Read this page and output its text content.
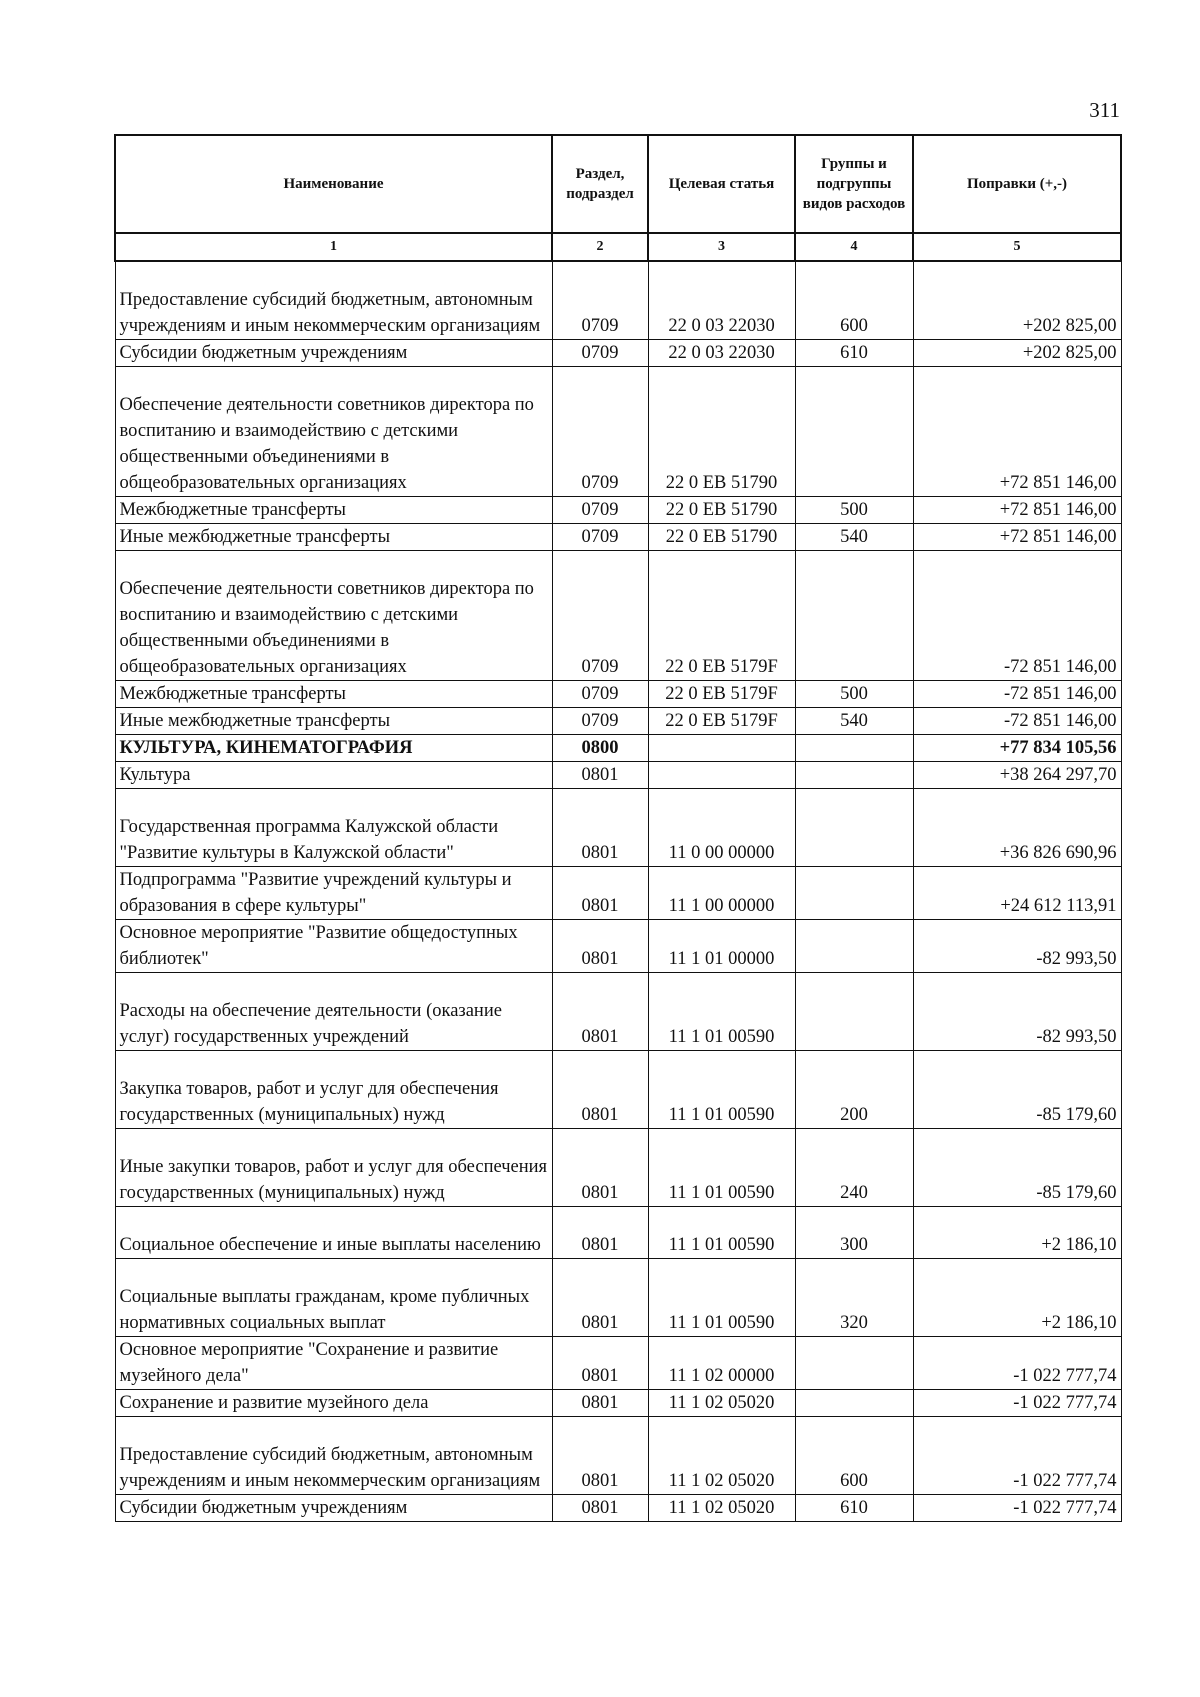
311
Наименование	Раздел, подраздел	Целевая статья	Группы и подгруппы видов расходов	Поправки (+,-)
1	2	3	4	5
Предоставление субсидий бюджетным, автономным учреждениям и иным некоммерческим организациям	0709	22 0 03 22030	600	+202 825,00
Субсидии бюджетным учреждениям	0709	22 0 03 22030	610	+202 825,00
Обеспечение деятельности советников директора по воспитанию и взаимодействию с детскими общественными объединениями в общеобразовательных организациях	0709	22 0 EВ 51790		+72 851 146,00
Межбюджетные трансферты	0709	22 0 EВ 51790	500	+72 851 146,00
Иные межбюджетные трансферты	0709	22 0 EВ 51790	540	+72 851 146,00
Обеспечение деятельности советников директора по воспитанию и взаимодействию с детскими общественными объединениями в общеобразовательных организациях	0709	22 0 EВ 5179F		-72 851 146,00
Межбюджетные трансферты	0709	22 0 EВ 5179F	500	-72 851 146,00
Иные межбюджетные трансферты	0709	22 0 EВ 5179F	540	-72 851 146,00
КУЛЬТУРА, КИНЕМАТОГРАФИЯ	0800			+77 834 105,56
Культура	0801			+38 264 297,70
Государственная программа Калужской области "Развитие культуры в Калужской области"	0801	11 0 00 00000		+36 826 690,96
Подпрограмма "Развитие учреждений культуры и образования в сфере культуры"	0801	11 1 00 00000		+24 612 113,91
Основное мероприятие "Развитие общедоступных библиотек"	0801	11 1 01 00000		-82 993,50
Расходы на обеспечение деятельности (оказание услуг) государственных учреждений	0801	11 1 01 00590		-82 993,50
Закупка товаров, работ и услуг для обеспечения государственных (муниципальных) нужд	0801	11 1 01 00590	200	-85 179,60
Иные закупки товаров, работ и услуг для обеспечения государственных (муниципальных) нужд	0801	11 1 01 00590	240	-85 179,60
Социальное обеспечение и иные выплаты населению	0801	11 1 01 00590	300	+2 186,10
Социальные выплаты гражданам, кроме публичных нормативных социальных выплат	0801	11 1 01 00590	320	+2 186,10
Основное мероприятие "Сохранение и развитие музейного дела"	0801	11 1 02 00000		-1 022 777,74
Сохранение и развитие музейного дела	0801	11 1 02 05020		-1 022 777,74
Предоставление субсидий бюджетным, автономным учреждениям и иным некоммерческим организациям	0801	11 1 02 05020	600	-1 022 777,74
Субсидии бюджетным учреждениям	0801	11 1 02 05020	610	-1 022 777,74
